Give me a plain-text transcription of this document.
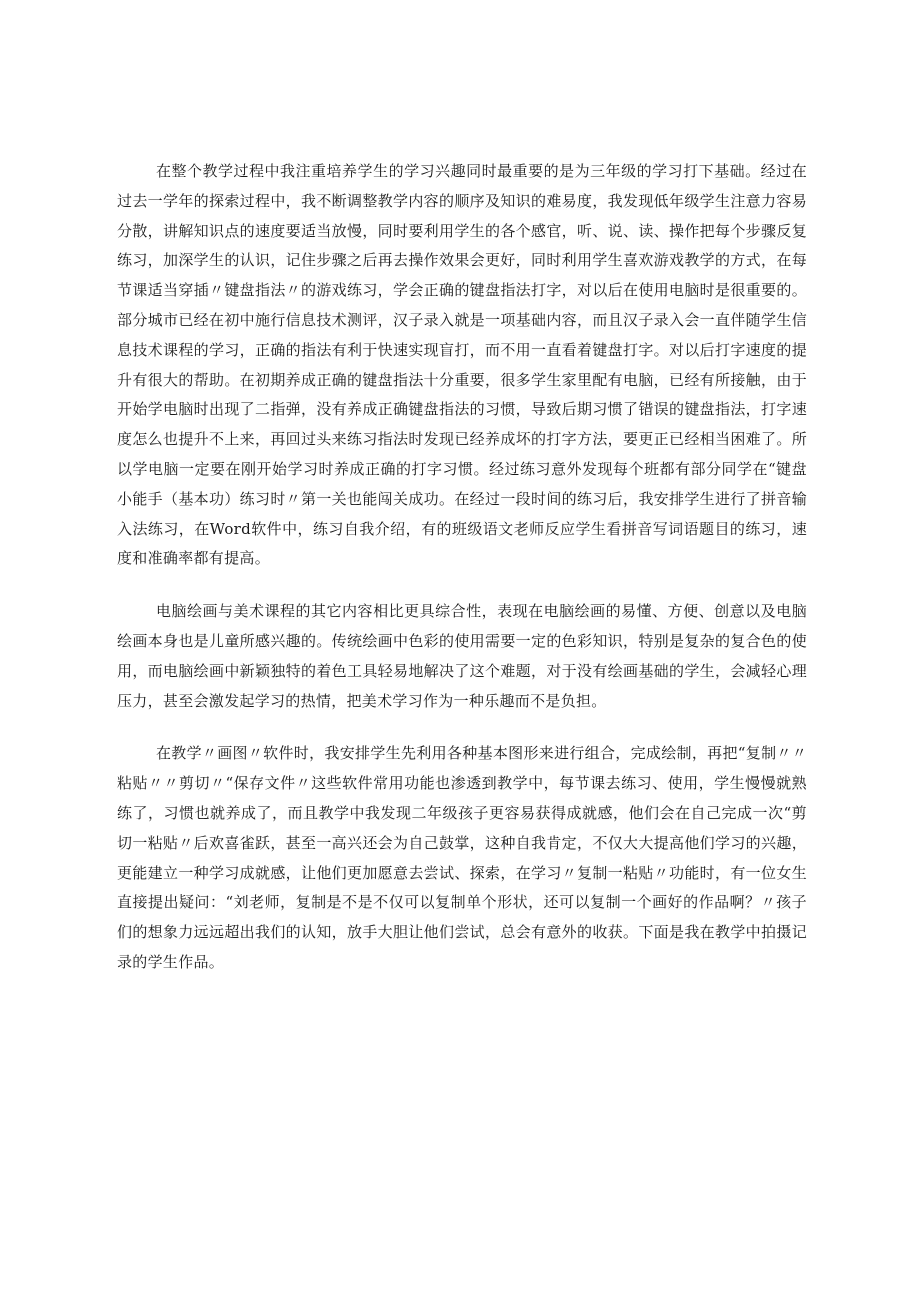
在整个教学过程中我注重培养学生的学习兴趣同时最重要的是为三年级的学习打下基础。经过在过去一学年的探索过程中，我不断调整教学内容的顺序及知识的难易度，我发现低年级学生注意力容易分散，讲解知识点的速度要适当放慢，同时要利用学生的各个感官，听、说、读、操作把每个步骤反复练习，加深学生的认识，记住步骤之后再去操作效果会更好，同时利用学生喜欢游戏教学的方式，在每节课适当穿插〃键盘指法〃的游戏练习，学会正确的键盘指法打字，对以后在使用电脑时是很重要的。部分城市已经在初中施行信息技术测评，汉子录入就是一项基础内容，而且汉子录入会一直伴随学生信息技术课程的学习，正确的指法有利于快速实现盲打，而不用一直看着键盘打字。对以后打字速度的提升有很大的帮助。在初期养成正确的键盘指法十分重要，很多学生家里配有电脑，已经有所接触，由于开始学电脑时出现了二指弹，没有养成正确键盘指法的习惯，导致后期习惯了错误的键盘指法，打字速度怎么也提升不上来，再回过头来练习指法时发现已经养成坏的打字方法，要更正已经相当困难了。所以学电脑一定要在刚开始学习时养成正确的打字习惯。经过练习意外发现每个班都有部分同学在“键盘小能手（基本功）练习时〃第一关也能闯关成功。在经过一段时间的练习后，我安排学生进行了拼音输入法练习，在Word软件中，练习自我介绍，有的班级语文老师反应学生看拼音写词语题目的练习，速度和准确率都有提高。

电脑绘画与美术课程的其它内容相比更具综合性，表现在电脑绘画的易懂、方便、创意以及电脑绘画本身也是儿童所感兴趣的。传统绘画中色彩的使用需要一定的色彩知识，特别是复杂的复合色的使用，而电脑绘画中新颖独特的着色工具轻易地解决了这个难题，对于没有绘画基础的学生，会减轻心理压力，甚至会激发起学习的热情，把美术学习作为一种乐趣而不是负担。

在教学〃画图〃软件时，我安排学生先利用各种基本图形来进行组合，完成绘制，再把“复制〃〃粘贴〃〃剪切〃“保存文件〃这些软件常用功能也渗透到教学中，每节课去练习、使用，学生慢慢就熟练了，习惯也就养成了，而且教学中我发现二年级孩子更容易获得成就感，他们会在自己完成一次“剪切一粘贴〃后欢喜雀跃，甚至一高兴还会为自己鼓掌，这种自我肯定，不仅大大提高他们学习的兴趣，更能建立一种学习成就感，让他们更加愿意去尝试、探索，在学习〃复制一粘贴〃功能时，有一位女生直接提出疑问：“刘老师，复制是不是不仅可以复制单个形状，还可以复制一个画好的作品啊？〃孩子们的想象力远远超出我们的认知，放手大胆让他们尝试，总会有意外的收获。下面是我在教学中拍摄记录的学生作品。
